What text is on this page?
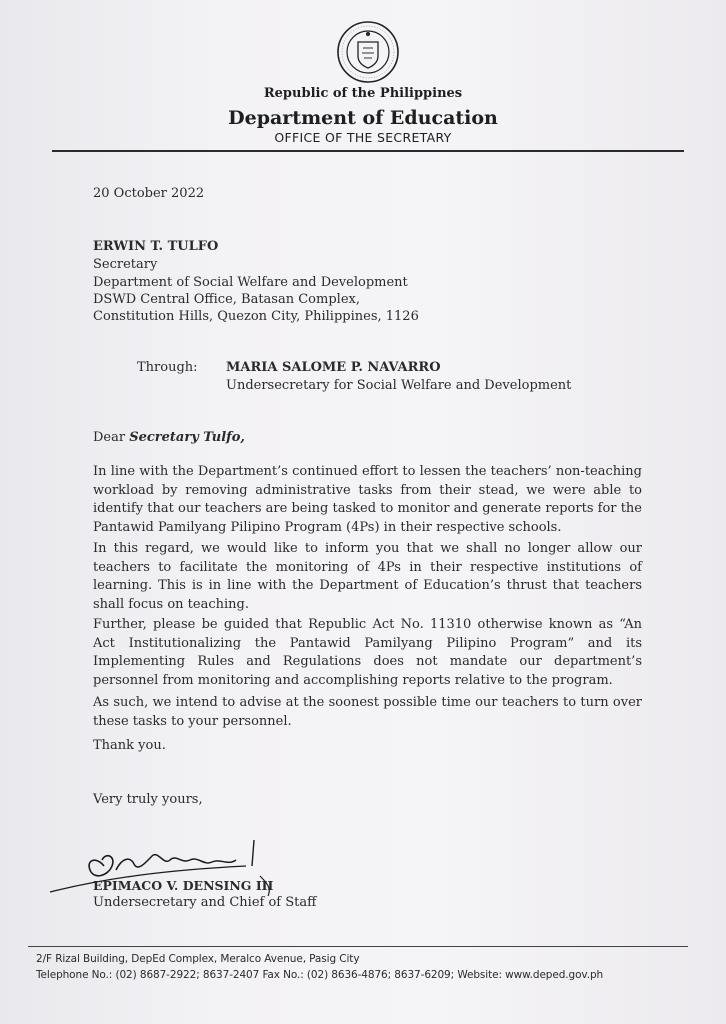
Republic of the Philippines
Department of Education
OFFICE OF THE SECRETARY
20 October 2022
ERWIN T. TULFO
Secretary
Department of Social Welfare and Development
DSWD Central Office, Batasan Complex,
Constitution Hills, Quezon City, Philippines, 1126
Through: MARIA SALOME P. NAVARRO
Undersecretary for Social Welfare and Development
Dear Secretary Tulfo,
In line with the Department’s continued effort to lessen the teachers’ non-teaching workload by removing administrative tasks from their stead, we were able to identify that our teachers are being tasked to monitor and generate reports for the Pantawid Pamilyang Pilipino Program (4Ps) in their respective schools.
In this regard, we would like to inform you that we shall no longer allow our teachers to facilitate the monitoring of 4Ps in their respective institutions of learning. This is in line with the Department of Education’s thrust that teachers shall focus on teaching.
Further, please be guided that Republic Act No. 11310 otherwise known as “An Act Institutionalizing the Pantawid Pamilyang Pilipino Program” and its Implementing Rules and Regulations does not mandate our department’s personnel from monitoring and accomplishing reports relative to the program.
As such, we intend to advise at the soonest possible time our teachers to turn over these tasks to your personnel.
Thank you.
Very truly yours,
EPIMACO V. DENSING III
Undersecretary and Chief of Staff
2/F Rizal Building, DepEd Complex, Meralco Avenue, Pasig City
Telephone No.: (02) 8687-2922; 8637-2407 Fax No.: (02) 8636-4876; 8637-6209; Website: www.deped.gov.ph
